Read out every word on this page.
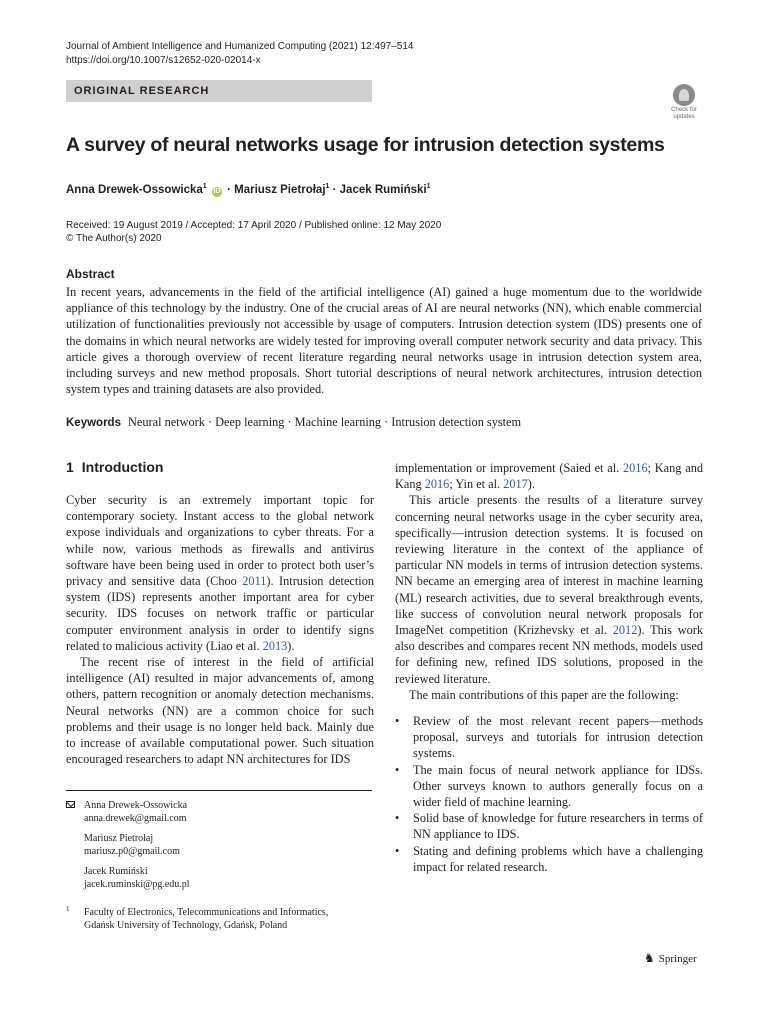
Journal of Ambient Intelligence and Humanized Computing (2021) 12:497–514
https://doi.org/10.1007/s12652-020-02014-x
ORIGINAL RESEARCH
Check for updates
A survey of neural networks usage for intrusion detection systems
Anna Drewek-Ossowicka$^1$ iD · Mariusz Pietrołaj$^1$ · Jacek Rumiński$^1$
Received: 19 August 2019 / Accepted: 17 April 2020 / Published online: 12 May 2020
© The Author(s) 2020
Abstract
In recent years, advancements in the field of the artificial intelligence (AI) gained a huge momentum due to the worldwide appliance of this technology by the industry. One of the crucial areas of AI are neural networks (NN), which enable commercial utilization of functionalities previously not accessible by usage of computers. Intrusion detection system (IDS) presents one of the domains in which neural networks are widely tested for improving overall computer network security and data privacy. This article gives a thorough overview of recent literature regarding neural networks usage in intrusion detection system area, including surveys and new method proposals. Short tutorial descriptions of neural network architectures, intrusion detection system types and training datasets are also provided.
Keywords Neural network · Deep learning · Machine learning · Intrusion detection system
1 Introduction

Cyber security is an extremely important topic for contemporary society. Instant access to the global network expose individuals and organizations to cyber threats. For a while now, various methods as firewalls and antivirus software have been being used in order to protect both user’s privacy and sensitive data (Choo 2011). Intrusion detection system (IDS) represents another important area for cyber security. IDS focuses on network traffic or particular computer environment analysis in order to identify signs related to malicious activity (Liao et al. 2013).

The recent rise of interest in the field of artificial intelligence (AI) resulted in major advancements of, among others, pattern recognition or anomaly detection mechanisms. Neural networks (NN) are a common choice for such problems and their usage is no longer held back. Mainly due to increase of available computational power. Such situation encouraged researchers to adapt NN architectures for IDS

implementation or improvement (Saied et al. 2016; Kang and Kang 2016; Yin et al. 2017).

This article presents the results of a literature survey concerning neural networks usage in the cyber security area, specifically—intrusion detection systems. It is focused on reviewing literature in the context of the appliance of particular NN models in terms of intrusion detection systems. NN became an emerging area of interest in machine learning (ML) research activities, due to several breakthrough events, like success of convolution neural network proposals for ImageNet competition (Krizhevsky et al. 2012). This work also describes and compares recent NN methods, models used for defining new, refined IDS solutions, proposed in the reviewed literature.

The main contributions of this paper are the following:

• Review of the most relevant recent papers—methods proposal, surveys and tutorials for intrusion detection systems.
• The main focus of neural network appliance for IDSs. Other surveys known to authors generally focus on a wider field of machine learning.
• Solid base of knowledge for future researchers in terms of NN appliance to IDS.
• Stating and defining problems which have a challenging impact for related research.
Anna Drewek-Ossowicka
anna.drewek@gmail.com
Mariusz Pietrołaj
mariusz.p0@gmail.com
Jacek Rumiński
jacek.ruminski@pg.edu.pl
$^1$ Faculty of Electronics, Telecommunications and Informatics,
Gdańsk University of Technology, Gdańsk, Poland
♞ Springer
